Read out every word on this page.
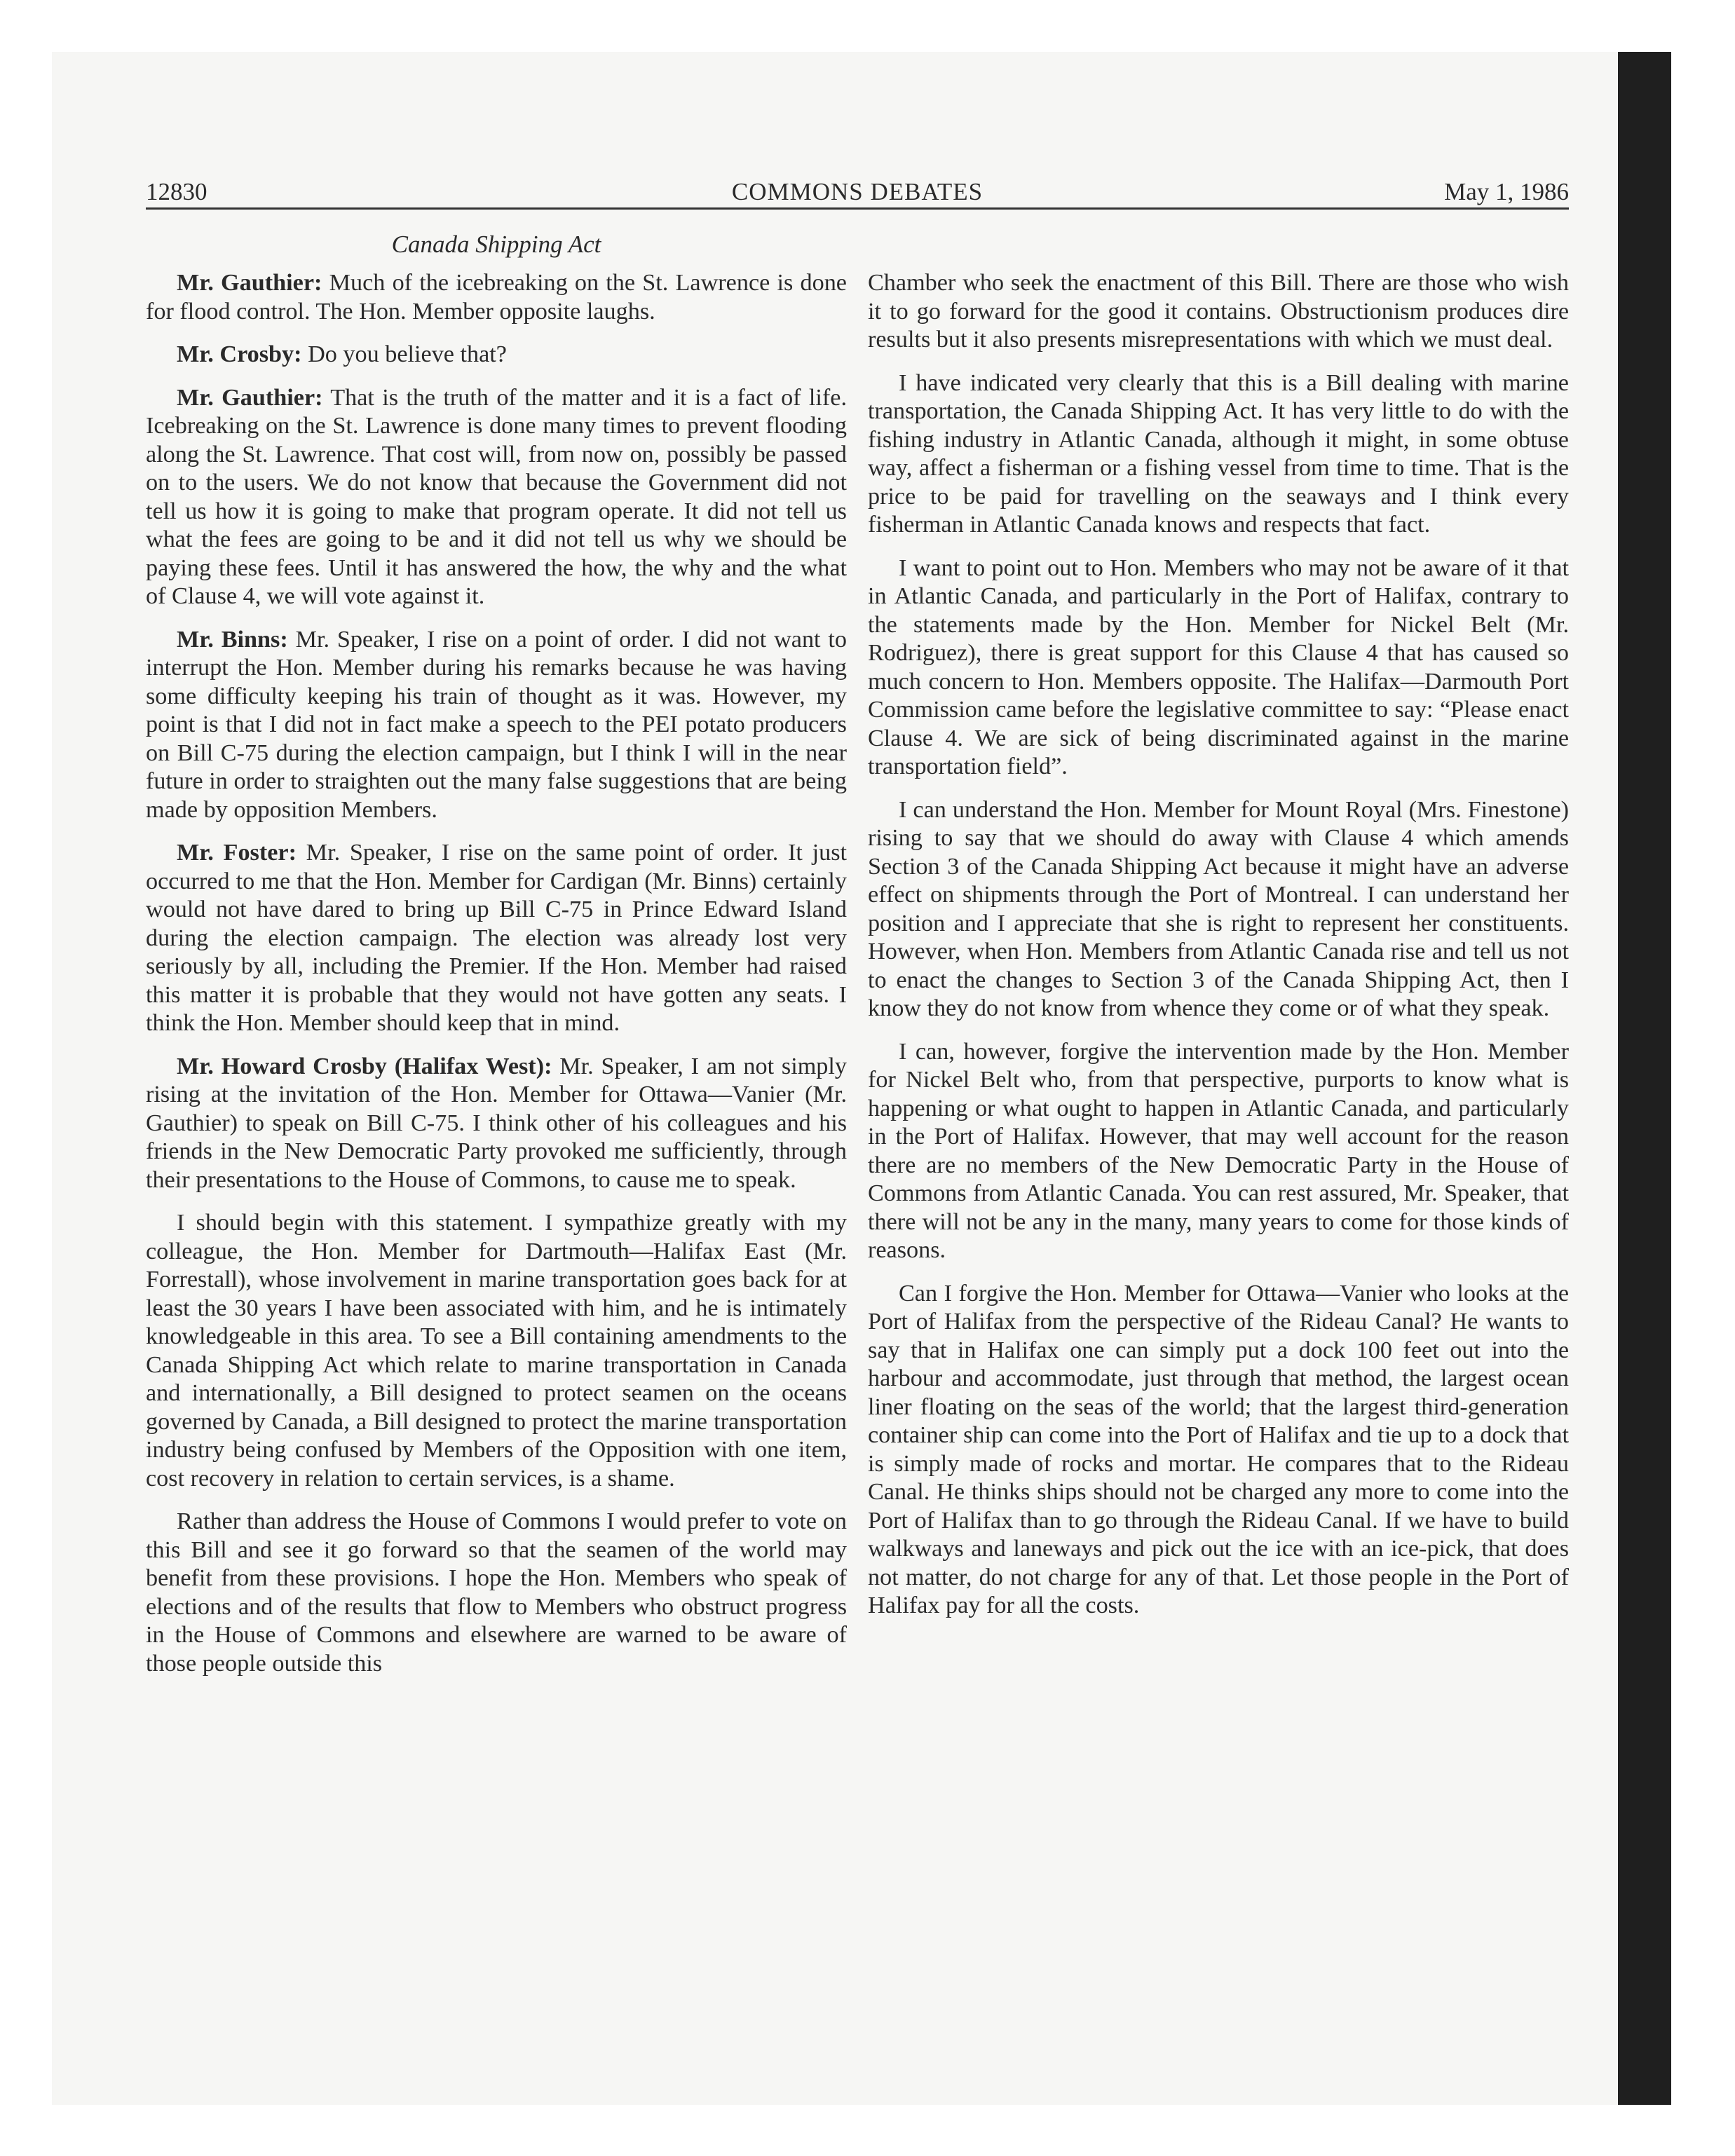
COMMONS DEBATES
12830	May 1, 1986
Canada Shipping Act

Mr. Gauthier: Much of the icebreaking on the St. Lawrence is done for flood control. The Hon. Member opposite laughs.

Mr. Crosby: Do you believe that?

Mr. Gauthier: That is the truth of the matter and it is a fact of life. Icebreaking on the St. Lawrence is done many times to prevent flooding along the St. Lawrence. That cost will, from now on, possibly be passed on to the users. We do not know that because the Government did not tell us how it is going to make that program operate. It did not tell us what the fees are going to be and it did not tell us why we should be paying these fees. Until it has answered the how, the why and the what of Clause 4, we will vote against it.

Mr. Binns: Mr. Speaker, I rise on a point of order. I did not want to interrupt the Hon. Member during his remarks because he was having some difficulty keeping his train of thought as it was. However, my point is that I did not in fact make a speech to the PEI potato producers on Bill C-75 during the election campaign, but I think I will in the near future in order to straighten out the many false suggestions that are being made by opposition Members.

Mr. Foster: Mr. Speaker, I rise on the same point of order. It just occurred to me that the Hon. Member for Cardigan (Mr. Binns) certainly would not have dared to bring up Bill C-75 in Prince Edward Island during the election campaign. The election was already lost very seriously by all, including the Premier. If the Hon. Member had raised this matter it is probable that they would not have gotten any seats. I think the Hon. Member should keep that in mind.

Mr. Howard Crosby (Halifax West): Mr. Speaker, I am not simply rising at the invitation of the Hon. Member for Ottawa—Vanier (Mr. Gauthier) to speak on Bill C-75. I think other of his colleagues and his friends in the New Democratic Party provoked me sufficiently, through their presentations to the House of Commons, to cause me to speak.

I should begin with this statement. I sympathize greatly with my colleague, the Hon. Member for Dartmouth—Halifax East (Mr. Forrestall), whose involvement in marine transportation goes back for at least the 30 years I have been associated with him, and he is intimately knowledgeable in this area. To see a Bill containing amendments to the Canada Shipping Act which relate to marine transportation in Canada and internationally, a Bill designed to protect seamen on the oceans governed by Canada, a Bill designed to protect the marine transportation industry being confused by Members of the Opposition with one item, cost recovery in relation to certain services, is a shame.

Rather than address the House of Commons I would prefer to vote on this Bill and see it go forward so that the seamen of the world may benefit from these provisions. I hope the Hon. Members who speak of elections and of the results that flow to Members who obstruct progress in the House of Commons and elsewhere are warned to be aware of those people outside this

Chamber who seek the enactment of this Bill. There are those who wish it to go forward for the good it contains. Obstructionism produces dire results but it also presents misrepresentations with which we must deal.

I have indicated very clearly that this is a Bill dealing with marine transportation, the Canada Shipping Act. It has very little to do with the fishing industry in Atlantic Canada, although it might, in some obtuse way, affect a fisherman or a fishing vessel from time to time. That is the price to be paid for travelling on the seaways and I think every fisherman in Atlantic Canada knows and respects that fact.

I want to point out to Hon. Members who may not be aware of it that in Atlantic Canada, and particularly in the Port of Halifax, contrary to the statements made by the Hon. Member for Nickel Belt (Mr. Rodriguez), there is great support for this Clause 4 that has caused so much concern to Hon. Members opposite. The Halifax—Darmouth Port Commission came before the legislative committee to say: “Please enact Clause 4. We are sick of being discriminated against in the marine transportation field”.

I can understand the Hon. Member for Mount Royal (Mrs. Finestone) rising to say that we should do away with Clause 4 which amends Section 3 of the Canada Shipping Act because it might have an adverse effect on shipments through the Port of Montreal. I can understand her position and I appreciate that she is right to represent her constituents. However, when Hon. Members from Atlantic Canada rise and tell us not to enact the changes to Section 3 of the Canada Shipping Act, then I know they do not know from whence they come or of what they speak.

I can, however, forgive the intervention made by the Hon. Member for Nickel Belt who, from that perspective, purports to know what is happening or what ought to happen in Atlantic Canada, and particularly in the Port of Halifax. However, that may well account for the reason there are no members of the New Democratic Party in the House of Commons from Atlantic Canada. You can rest assured, Mr. Speaker, that there will not be any in the many, many years to come for those kinds of reasons.

Can I forgive the Hon. Member for Ottawa—Vanier who looks at the Port of Halifax from the perspective of the Rideau Canal? He wants to say that in Halifax one can simply put a dock 100 feet out into the harbour and accommodate, just through that method, the largest ocean liner floating on the seas of the world; that the largest third-generation container ship can come into the Port of Halifax and tie up to a dock that is simply made of rocks and mortar. He compares that to the Rideau Canal. He thinks ships should not be charged any more to come into the Port of Halifax than to go through the Rideau Canal. If we have to build walkways and laneways and pick out the ice with an ice-pick, that does not matter, do not charge for any of that. Let those people in the Port of Halifax pay for all the costs.
